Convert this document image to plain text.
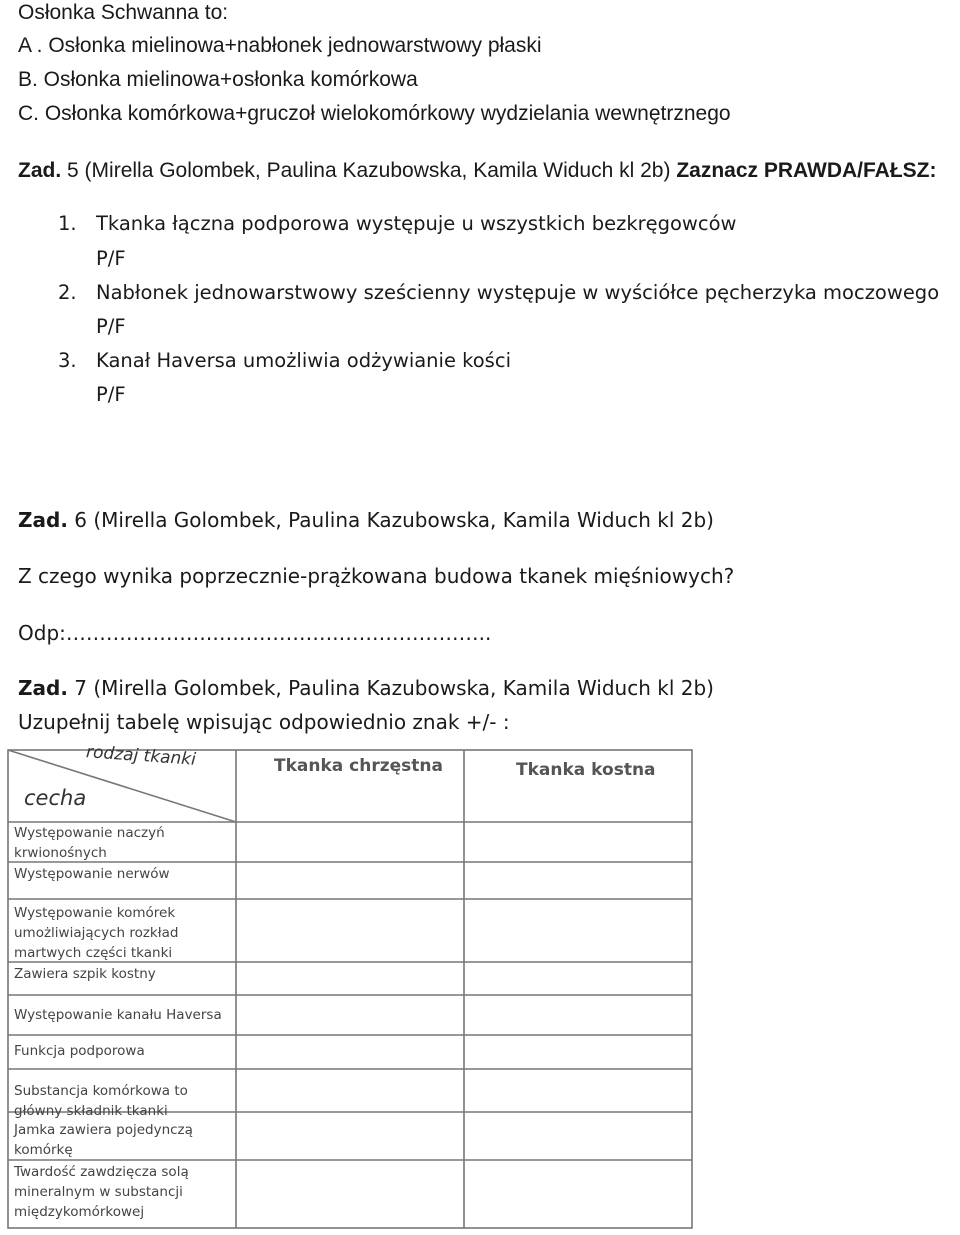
Osłonka Schwanna to:
A . Osłonka mielinowa+nabłonek jednowarstwowy płaski
B. Osłonka mielinowa+osłonka komórkowa
C. Osłonka komórkowa+gruczoł wielokomórkowy wydzielania wewnętrznego
Zad. 5 (Mirella Golombek, Paulina Kazubowska, Kamila Widuch kl 2b) Zaznacz PRAWDA/FAŁSZ:
1. Tkanka łączna podporowa występuje u wszystkich bezkręgowców
P/F
2. Nabłonek jednowarstwowy sześcienny występuje w wyściółce pęcherzyka moczowego
P/F
3. Kanał Haversa umożliwia odżywianie kości
P/F
Zad. 6 (Mirella Golombek, Paulina Kazubowska, Kamila Widuch kl 2b)
Z czego wynika poprzecznie-prążkowana budowa tkanek mięśniowych?
Odp:………………….……………….…………………..
Zad. 7 (Mirella Golombek, Paulina Kazubowska, Kamila Widuch kl 2b)
Uzupełnij tabelę wpisując odpowiednio znak +/- :
rodzaj tkanki
cecha
Tkanka chrzęstna	Tkanka kostna
Występowanie naczyń
krwionośnych
Występowanie nerwów
Występowanie komórek
umożliwiających rozkład
martwych części tkanki
Zawiera szpik kostny
Występowanie kanału Haversa
Funkcja podporowa
Substancja komórkowa to
główny składnik tkanki
Jamka zawiera pojedynczą
komórkę
Twardość zawdzięcza solą
mineralnym w substancji
międzykomórkowej
